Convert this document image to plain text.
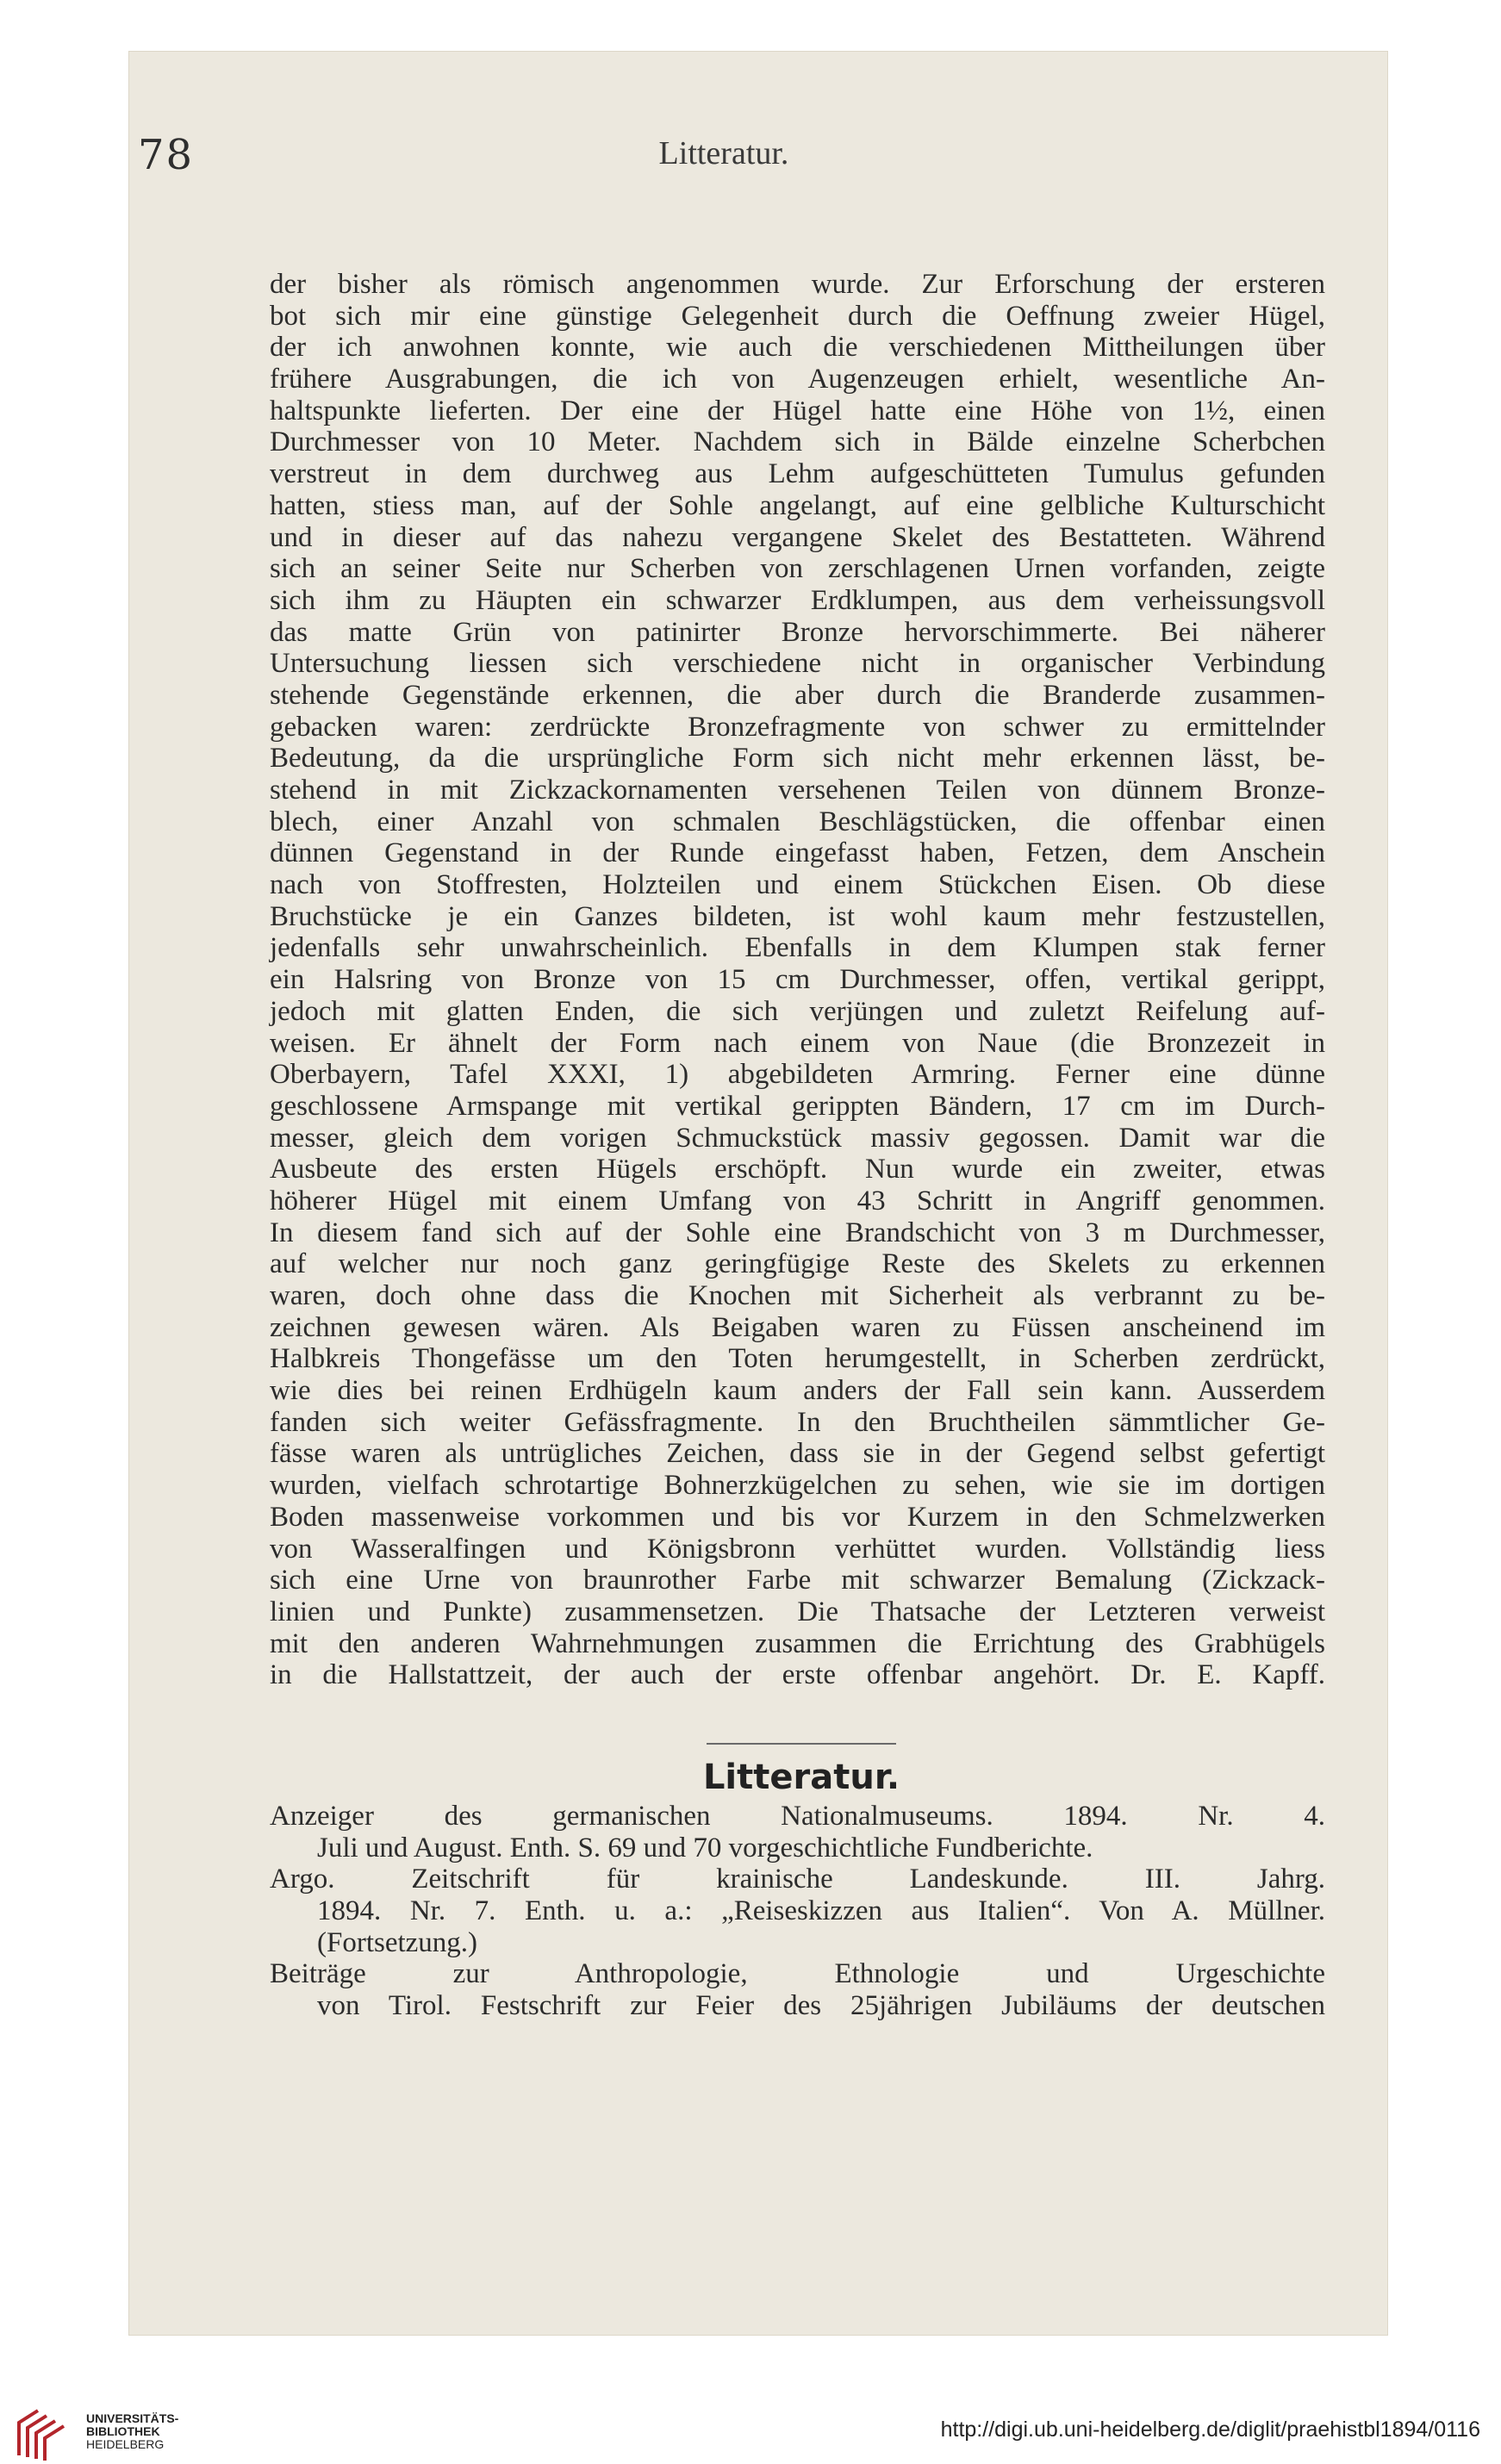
78	Litteratur.
der bisher als römisch angenommen wurde. Zur Erforschung der ersteren
bot sich mir eine günstige Gelegenheit durch die Oeffnung zweier Hügel,
der ich anwohnen konnte, wie auch die verschiedenen Mittheilungen über
frühere Ausgrabungen, die ich von Augenzeugen erhielt, wesentliche An-
haltspunkte lieferten. Der eine der Hügel hatte eine Höhe von 1½, einen
Durchmesser von 10 Meter. Nachdem sich in Bälde einzelne Scherbchen
verstreut in dem durchweg aus Lehm aufgeschütteten Tumulus gefunden
hatten, stiess man, auf der Sohle angelangt, auf eine gelbliche Kulturschicht
und in dieser auf das nahezu vergangene Skelet des Bestatteten. Während
sich an seiner Seite nur Scherben von zerschlagenen Urnen vorfanden, zeigte
sich ihm zu Häupten ein schwarzer Erdklumpen, aus dem verheissungsvoll
das matte Grün von patinirter Bronze hervorschimmerte. Bei näherer
Untersuchung liessen sich verschiedene nicht in organischer Verbindung
stehende Gegenstände erkennen, die aber durch die Branderde zusammen-
gebacken waren: zerdrückte Bronzefragmente von schwer zu ermittelnder
Bedeutung, da die ursprüngliche Form sich nicht mehr erkennen lässt, be-
stehend in mit Zickzackornamenten versehenen Teilen von dünnem Bronze-
blech, einer Anzahl von schmalen Beschlägstücken, die offenbar einen
dünnen Gegenstand in der Runde eingefasst haben, Fetzen, dem Anschein
nach von Stoffresten, Holzteilen und einem Stückchen Eisen. Ob diese
Bruchstücke je ein Ganzes bildeten, ist wohl kaum mehr festzustellen,
jedenfalls sehr unwahrscheinlich. Ebenfalls in dem Klumpen stak ferner
ein Halsring von Bronze von 15 cm Durchmesser, offen, vertikal gerippt,
jedoch mit glatten Enden, die sich verjüngen und zuletzt Reifelung auf-
weisen. Er ähnelt der Form nach einem von Naue (die Bronzezeit in
Oberbayern, Tafel XXXI, 1) abgebildeten Armring. Ferner eine dünne
geschlossene Armspange mit vertikal gerippten Bändern, 17 cm im Durch-
messer, gleich dem vorigen Schmuckstück massiv gegossen. Damit war die
Ausbeute des ersten Hügels erschöpft. Nun wurde ein zweiter, etwas
höherer Hügel mit einem Umfang von 43 Schritt in Angriff genommen.
In diesem fand sich auf der Sohle eine Brandschicht von 3 m Durchmesser,
auf welcher nur noch ganz geringfügige Reste des Skelets zu erkennen
waren, doch ohne dass die Knochen mit Sicherheit als verbrannt zu be-
zeichnen gewesen wären. Als Beigaben waren zu Füssen anscheinend im
Halbkreis Thongefässe um den Toten herumgestellt, in Scherben zerdrückt,
wie dies bei reinen Erdhügeln kaum anders der Fall sein kann. Ausserdem
fanden sich weiter Gefässfragmente. In den Bruchtheilen sämmtlicher Ge-
fässe waren als untrügliches Zeichen, dass sie in der Gegend selbst gefertigt
wurden, vielfach schrotartige Bohnerzkügelchen zu sehen, wie sie im dortigen
Boden massenweise vorkommen und bis vor Kurzem in den Schmelzwerken
von Wasseralfingen und Königsbronn verhüttet wurden. Vollständig liess
sich eine Urne von braunrother Farbe mit schwarzer Bemalung (Zickzack-
linien und Punkte) zusammensetzen. Die Thatsache der Letzteren verweist
mit den anderen Wahrnehmungen zusammen die Errichtung des Grabhügels
in die Hallstattzeit, der auch der erste offenbar angehört. Dr. E. Kapff.
Litteratur.
Anzeiger des germanischen Nationalmuseums. 1894. Nr. 4.
Juli und August. Enth. S. 69 und 70 vorgeschichtliche Fundberichte.
Argo. Zeitschrift für krainische Landeskunde. III. Jahrg.
1894. Nr. 7. Enth. u. a.: „Reiseskizzen aus Italien“. Von A. Müllner.
(Fortsetzung.)
Beiträge zur Anthropologie, Ethnologie und Urgeschichte
von Tirol. Festschrift zur Feier des 25jährigen Jubiläums der deutschen
UNIVERSITÄTS-
BIBLIOTHEK
HEIDELBERG
http://digi.ub.uni-heidelberg.de/diglit/praehistbl1894/0116
